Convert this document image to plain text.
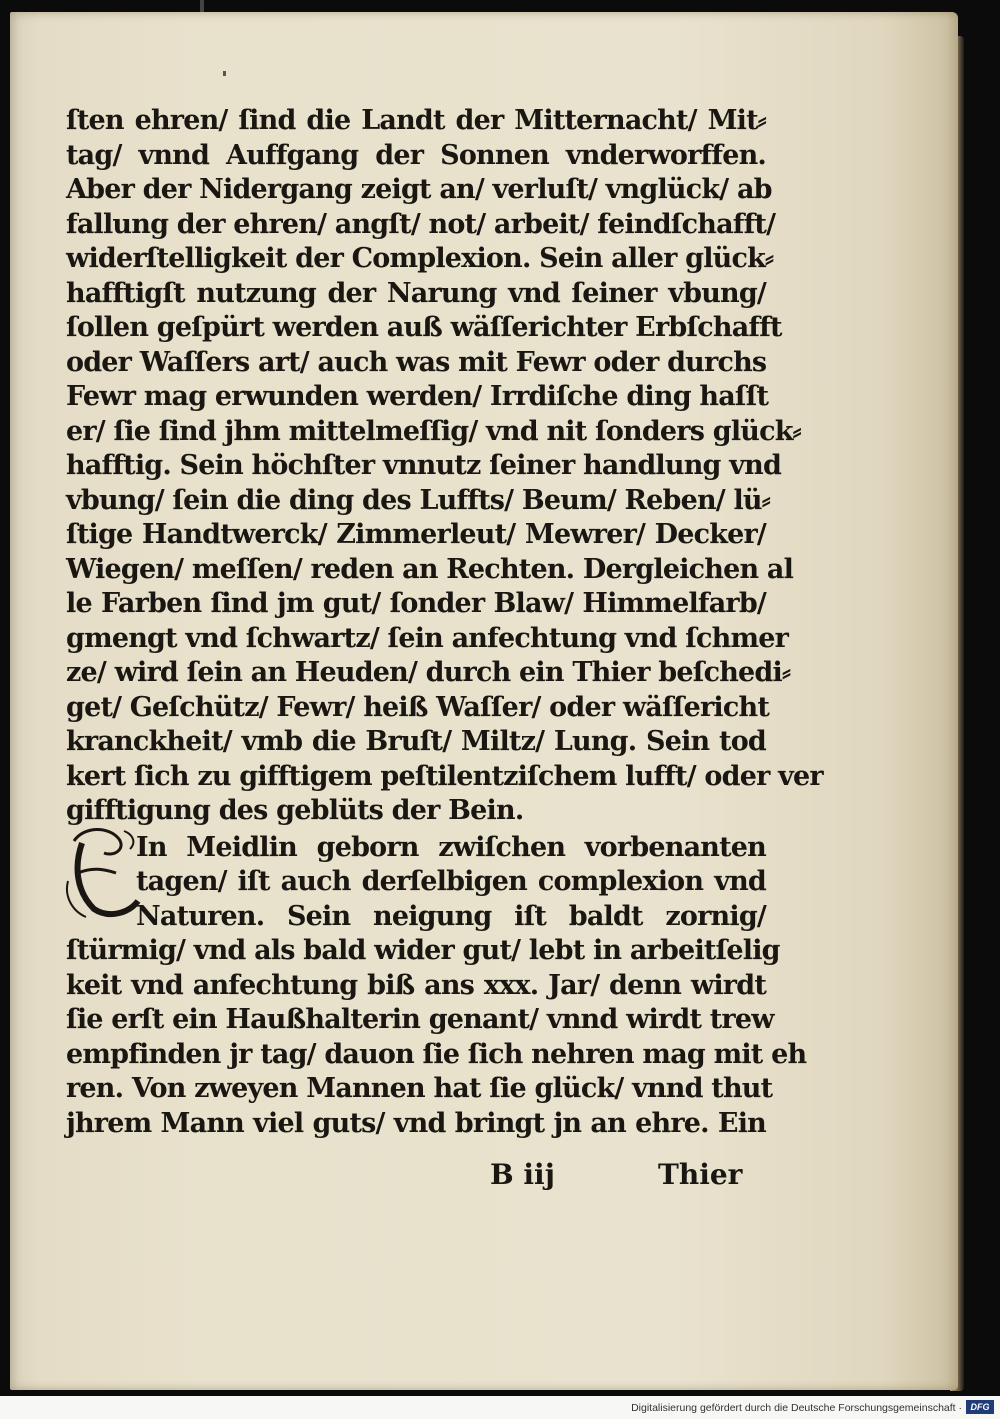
ſten ehren/ ſind die Landt der Mitternacht/ Mit⸗
tag/ vnnd Auffgang der Sonnen vnderworffen.
Aber der Nidergang zeigt an/ verluſt/ vnglück/ ab
fallung der ehren/ angſt/ not/ arbeit/ feindſchafft/
widerſtelligkeit der Complexion. Sein aller glück⸗
hafftigſt nutzung der Narung vnd ſeiner vbung/
ſollen geſpürt werden auß wäſſerichter Erbſchafft
oder Waſſers art/ auch was mit Fewr oder durchs
Fewr mag erwunden werden/ Irrdiſche ding haſſt
er/ ſie ſind jhm mittelmeſſig/ vnd nit ſonders glück⸗
hafftig. Sein höchſter vnnutz ſeiner handlung vnd
vbung/ ſein die ding des Luffts/ Beum/ Reben/ lü⸗
ſtige Handtwerck/ Zimmerleut/ Mewrer/ Decker/
Wiegen/ meſſen/ reden an Rechten. Dergleichen al
le Farben ſind jm gut/ ſonder Blaw/ Himmelfarb/
gmengt vnd ſchwartz/ ſein anfechtung vnd ſchmer
ze/ wird ſein an Heuden/ durch ein Thier beſchedi⸗
get/ Geſchütz/ Fewr/ heiß Waſſer/ oder wäſſericht
kranckheit/ vmb die Bruſt/ Miltz/ Lung. Sein tod
kert ſich zu gifftigem peſtilentziſchem lufft/ oder ver
gifftigung des geblüts der Bein.
In Meidlin geborn zwiſchen vorbenanten
tagen/ iſt auch derſelbigen complexion vnd
Naturen. Sein neigung iſt baldt zornig/
ſtürmig/ vnd als bald wider gut/ lebt in arbeitſelig
keit vnd anfechtung biß ans xxx. Jar/ denn wirdt
ſie erſt ein Haußhalterin genant/ vnnd wirdt trew
empfinden jr tag/ dauon ſie ſich nehren mag mit eh
ren. Von zweyen Mannen hat ſie glück/ vnnd thut
jhrem Mann viel guts/ vnd bringt jn an ehre. Ein
B iij	Thier
Digitalisierung gefördert durch die Deutsche Forschungsgemeinschaft · DFG
